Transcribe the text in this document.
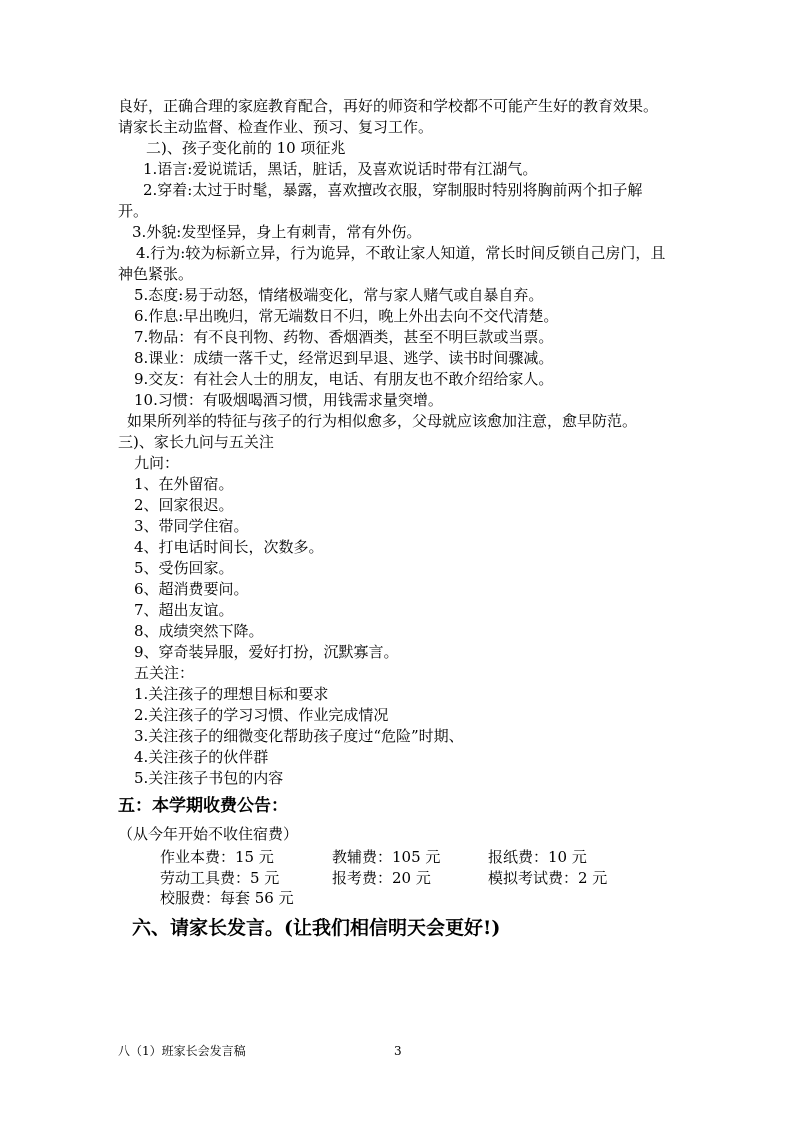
良好，正确合理的家庭教育配合，再好的师资和学校都不可能产生好的教育效果。
请家长主动监督、检查作业、预习、复习工作。
二)、孩子变化前的 10 项征兆
1.语言:爱说谎话，黑话，脏话，及喜欢说话时带有江湖气。
2.穿着:太过于时髦，暴露，喜欢擅改衣服，穿制服时特别将胸前两个扣子解
开。
3.外貌:发型怪异，身上有刺青，常有外伤。
4.行为:较为标新立异，行为诡异，不敢让家人知道，常长时间反锁自己房门，且
神色紧张。
5.态度:易于动怒，情绪极端变化，常与家人赌气或自暴自弃。
6.作息:早出晚归，常无端数日不归，晚上外出去向不交代清楚。
7.物品：有不良刊物、药物、香烟酒类，甚至不明巨款或当票。
8.课业：成绩一落千丈，经常迟到早退、逃学、读书时间骤减。
9.交友：有社会人士的朋友，电话、有朋友也不敢介绍给家人。
10.习惯：有吸烟喝酒习惯，用钱需求量突增。
如果所列举的特征与孩子的行为相似愈多，父母就应该愈加注意，愈早防范。
三)、家长九问与五关注
九问：
1、在外留宿。
2、回家很迟。
3、带同学住宿。
4、打电话时间长，次数多。
5、受伤回家。
6、超消费要问。
7、超出友谊。
8、成绩突然下降。
9、穿奇装异服，爱好打扮，沉默寡言。
五关注：
1.关注孩子的理想目标和要求
2.关注孩子的学习习惯、作业完成情况
3.关注孩子的细微变化帮助孩子度过“危险”时期、
4.关注孩子的伙伴群
5.关注孩子书包的内容
五：本学期收费公告：
（从今年开始不收住宿费）
作业本费：15 元	教辅费：105 元	报纸费：10 元
劳动工具费：5 元	报考费：20 元	模拟考试费：2 元
校服费：每套 56 元
六、请家长发言。(让我们相信明天会更好!)
八（1）班家长会发言稿	3
